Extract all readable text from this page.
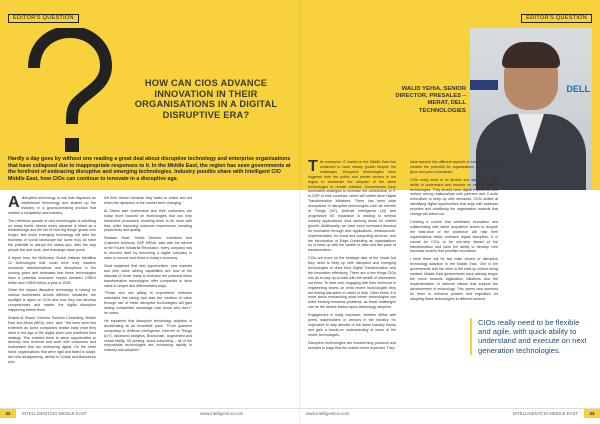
EDITOR'S QUESTION	EDITOR'S QUESTION
HOW CAN CIOS ADVANCE INNOVATION IN THEIR ORGANISATIONS IN A DIGITAL DISRUPTIVE ERA?
WALID YEHIA, SENIOR DIRECTOR, PRESALES – MERAT, DELL TECHNOLOGIES
DELL
Hardly a day goes by without one reading a great deal about disruptive technology and enterprise organisations that have collapsed due to inappropriate responses to it. In the Middle East, the region has seen governments at the forefront of embracing disruptive and emerging technologies. Industry pundits share with Intelligent CIO Middle East, how CIOs can continue to innovate in a disruptive age.

Adisruptive technology is one that displaces an established technology and shakes up the industry or a ground-breaking product that creates a completely new industry.

The relentless parade of new technologies is unfolding on many fronts. Almost every advance is billed as a breakthrough and the list of 'next big things' grows ever longer. Not every emerging technology will alter the business or social landscape but some truly do have the potential to disrupt the status quo, alter the way people live and work, and rearrange value pools.

A report from the McKinsey Global Institute identifies 12 technologies that could drive truly massive economic transformations and disruptions in the coming years and estimates that these technologies have a potential economic impact between US$14 trillion and US$33 trillion a year in 2025.

Given the impact disruptive technology is having on various businesses across different industries, the spotlight is again on CIOs and how they can develop competencies and master the digital disruption happening before them.

Khaled Al Shami, Director, Solution Consulting, Middle East and Africa (MEA), Infor, said: "We have seen few extremes as some companies realise early what they need in the age of the digital storm and redefined their strategy. This enabled them to seize opportunities to develop new revenue and work with customers and businesses that are embracing digital. On the other hand, organisations that were rigid and failed to adapt, are now disappearing, similar to Kodak and Blackberry who

left their throne because they failed to notice and act when the dynamics of the market were changing."

Al Shami said businesses and their customers are today more focused on technologies that can help streamline processes, enabling them to do more with less, while improving customer experiences, boosting productivity and quality.

Radwan Swaf, Senior Director, Industries and Customer Advisory, SAP MENA, said with the advent of the Fourth Industrial Revolution, every company has to reinvent itself by becoming a digital company in order to survive and thrive in today's economy.

Swaf explained that new opportunities, new markets and new value adding capabilities are now at the disposal of those ready to embrace the potential these transformative technologies offer companies to drive value in unique and differentiated ways.

"Those who are willing to experiment, embrace calculated risk taking and lead the creation of value through use of these disruptive technologies will gain lasting competitive advantage over those who don't," he noted.

He explained that disruptive technology adoption is accelerating at an incredible pace. "From quantum computing to Artificial Intelligence, Internet of Things (IoT), advanced analytics, Blockchain, augmented and virtual reality, 3D printing, cloud computing – all of the exponential technologies are increasing rapidly in maturity and adoption."

The enterprise IT market in the Middle East has continued to have steady growth despite the challenges. Disruptive technologies have triggered both the public and private sectors in the region to accelerate the adoption of the latest technologies to remain relevant. Governments have formulated strategies to increase the contribution of IT to GDP of their countries, which will further drive Digital Transformation initiatives. There has been wide acceptance of disruptive technologies such as Internet of Things (IoT), Artificial Intelligence (AI) and progressive 5G expansion is leading to several industry applications, thus opening areas for market growth. Additionally, we have seen increased demand for innovation through new applications, infrastructure, implementation for cloud and computing services, and the introduction of Edge Computing as organisations try to keep up with the wealth of data and fast pace of transformation.

CIOs are more on the strategic side of the house but they need to keep up with disruptive and emerging technologies to drive their Digital Transformation and the innovation effectively. There are a few things CIOs can do to stay up-to-date with the wealth of information out there. To start with, engaging with their technical or engineering teams on what recent technologies they are finding disruptive or useful to help. Other times, it is more about researching what newer technologies can solve existing business problems, as these challenges can be the drivers behind quick technology adoption.

Engagement is really important, whether offline with peers, stakeholders or vendors in the industry. It's imperative to stay abreast of the latest industry trends and gain a hands-on understanding of some of the newer technologies.

Disruptive technologies are transforming products and services in ways that the market never expected. They

have seeped into different aspects of everyday life and created the potential for organisations to continually grow and push boundaries.

CIOs really need to be flexible and agile, with quick ability to understand and execute on next generation technologies. They should have digital experience and nurture strong relationships with partners and C-suite executives to keep up with demands. CIOs skilled at identifying digital opportunities that align with business priorities and mobilising the organisation towards that change will stand out.

Creating a culture that celebrates innovation and collaborating with talent acquisition teams to acquire the best-wise of the workforce will help their organisations better embrace digital disruption. It is crucial for CIOs to be one-step ahead of the transformation and have the ability to develop new business models that prioritise innovation.

I think there will be two main drivers of disruptive technology adoption in the Middle East. One is the governments and the other is the start-up culture being created. Middle East governments have already begun the move towards digitisation initiatives and the implementation of national visions that support the advancement of technology. This opens new avenues for them to enhance policies and regulation for adopting these technologies in different sectors.

CIOs really need to be flexible and agile, with quick ability to understand and execute on next generation technologies.
22	INTELLIGENTCIO MIDDLE EAST	www.intelligentcio.com	www.intelligentcio.com	INTELLIGENTCIO MIDDLE EAST	23
